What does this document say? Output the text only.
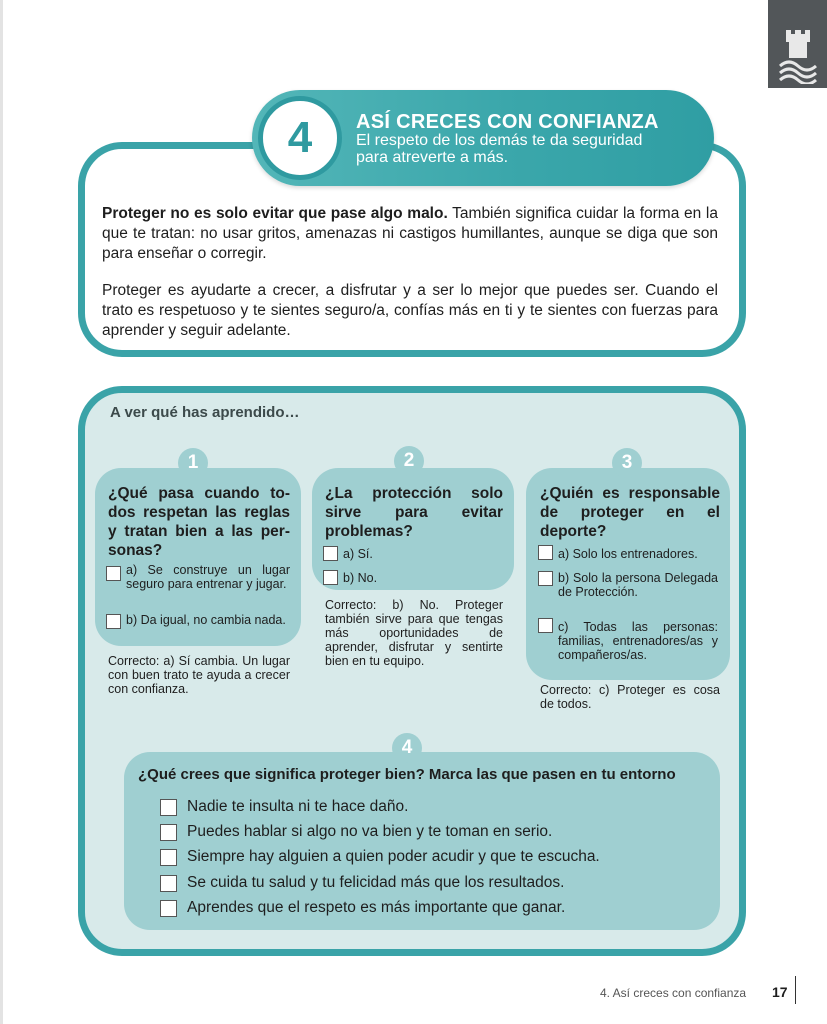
4	ASÍ CRECES CON CONFIANZA
El respeto de los demás te da seguridad para atreverte a más.

Proteger no es solo evitar que pase algo malo. También significa cuidar la forma en la que te tratan: no usar gritos, amenazas ni castigos humillantes, aunque se diga que son para enseñar o corregir.

Proteger es ayudarte a crecer, a disfrutar y a ser lo mejor que puedes ser. Cuando el trato es respetuoso y te sientes seguro/a, confías más en ti y te sientes con fuerzas para aprender y seguir adelante.

A ver qué has aprendido…
1
¿Qué pasa cuando to-dos respetan las reglas y tratan bien a las per-sonas?
a) Se construye un lugar seguro para entrenar y jugar.
b) Da igual, no cambia nada.
Correcto: a) Sí cambia. Un lugar con buen trato te ayuda a crecer con confianza.
2
¿La protección solo sirve para evitar problemas?
a) Sí.
b) No.
Correcto: b) No. Proteger también sirve para que tengas más oportunidades de aprender, disfrutar y sentirte bien en tu equipo.
3
¿Quién es responsable de proteger en el deporte?
a) Solo los entrenadores.
b) Solo la persona Delegada de Protección.
c) Todas las personas: familias, entrenadores/as y compañeros/as.
Correcto: c) Proteger es cosa de todos.
4
¿Qué crees que significa proteger bien? Marca las que pasen en tu entorno
Nadie te insulta ni te hace daño.
Puedes hablar si algo no va bien y te toman en serio.
Siempre hay alguien a quien poder acudir y que te escucha.
Se cuida tu salud y tu felicidad más que los resultados.
Aprendes que el respeto es más importante que ganar.
4. Así creces con confianza 17
